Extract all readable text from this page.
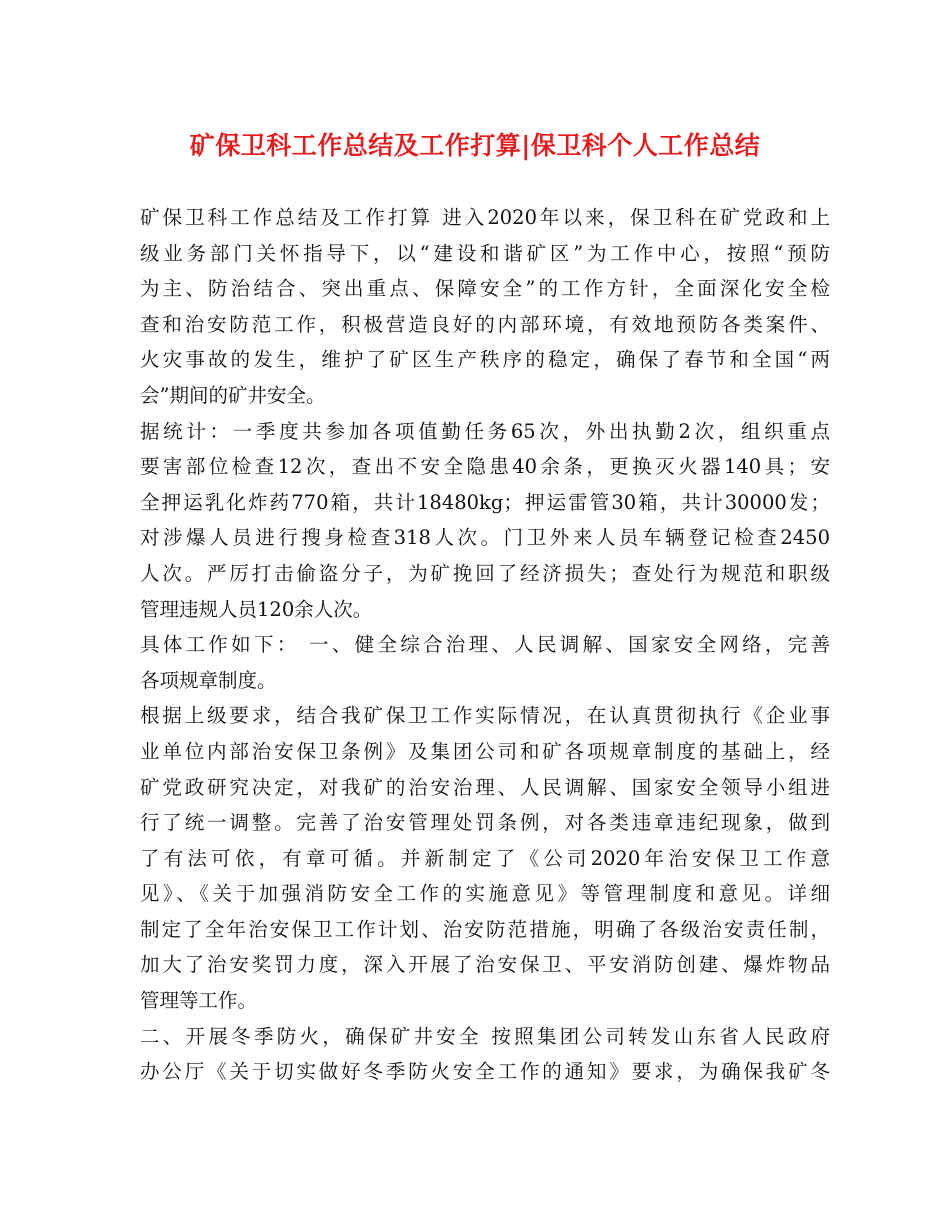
矿保卫科工作总结及工作打算|保卫科个人工作总结
矿保卫科工作总结及工作打算 进入2020年以来，保卫科在矿党政和上
级业务部门关怀指导下，以“建设和谐矿区”为工作中心，按照“预防
为主、防治结合、突出重点、保障安全”的工作方针，全面深化安全检
查和治安防范工作，积极营造良好的内部环境，有效地预防各类案件、
火灾事故的发生，维护了矿区生产秩序的稳定，确保了春节和全国“两
会”期间的矿井安全。
据统计：一季度共参加各项值勤任务65次，外出执勤2次，组织重点
要害部位检查12次，查出不安全隐患40余条，更换灭火器140具；安
全押运乳化炸药770箱，共计18480kg；押运雷管30箱，共计30000发；
对涉爆人员进行搜身检查318人次。门卫外来人员车辆登记检查2450
人次。严厉打击偷盗分子，为矿挽回了经济损失；查处行为规范和职级
管理违规人员120余人次。
具体工作如下： 一、健全综合治理、人民调解、国家安全网络，完善
各项规章制度。
根据上级要求，结合我矿保卫工作实际情况，在认真贯彻执行《企业事
业单位内部治安保卫条例》及集团公司和矿各项规章制度的基础上，经
矿党政研究决定，对我矿的治安治理、人民调解、国家安全领导小组进
行了统一调整。完善了治安管理处罚条例，对各类违章违纪现象，做到
了有法可依，有章可循。并新制定了《公司2020年治安保卫工作意
见》、《关于加强消防安全工作的实施意见》等管理制度和意见。详细
制定了全年治安保卫工作计划、治安防范措施，明确了各级治安责任制，
加大了治安奖罚力度，深入开展了治安保卫、平安消防创建、爆炸物品
管理等工作。
二、开展冬季防火，确保矿井安全 按照集团公司转发山东省人民政府
办公厅《关于切实做好冬季防火安全工作的通知》要求，为确保我矿冬
